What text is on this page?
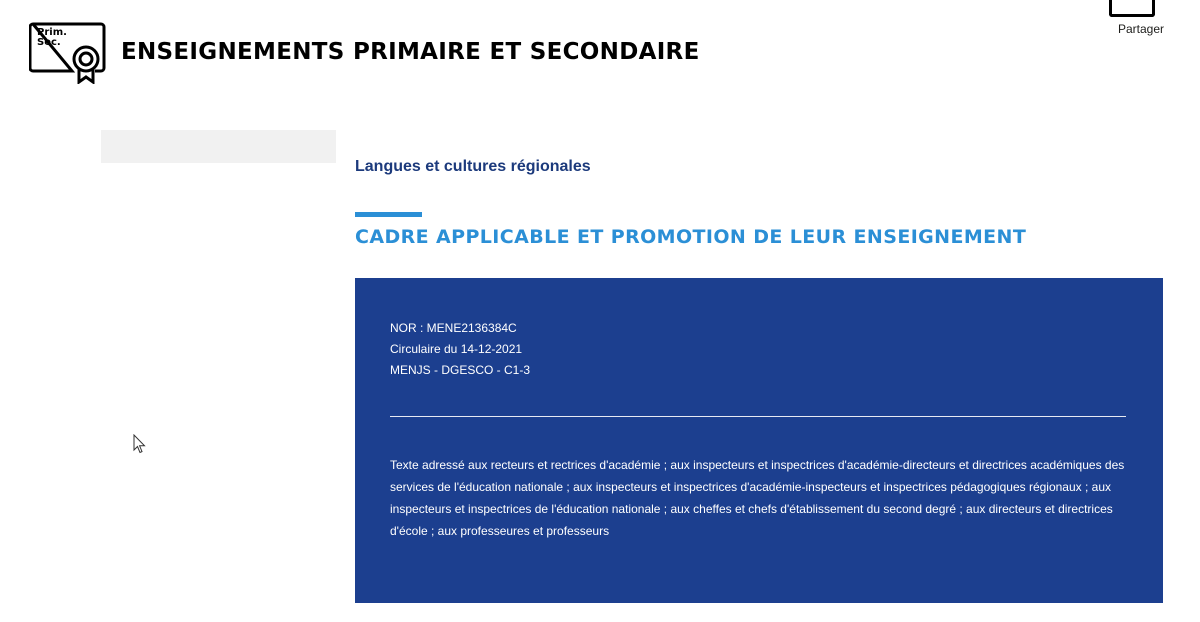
Prim.
Sec.	ENSEIGNEMENTS PRIMAIRE ET SECONDAIRE
Partager
Langues et cultures régionales
CADRE APPLICABLE ET PROMOTION DE LEUR ENSEIGNEMENT
NOR : MENE2136384C
Circulaire du 14-12-2021
MENJS - DGESCO - C1-3
Texte adressé aux recteurs et rectrices d'académie ; aux inspecteurs et inspectrices d'académie-directeurs et directrices académiques des services de l'éducation nationale ; aux inspecteurs et inspectrices d'académie-inspecteurs et inspectrices pédagogiques régionaux ; aux inspecteurs et inspectrices de l'éducation nationale ; aux cheffes et chefs d'établissement du second degré ; aux directeurs et directrices d'école ; aux professeures et professeurs
